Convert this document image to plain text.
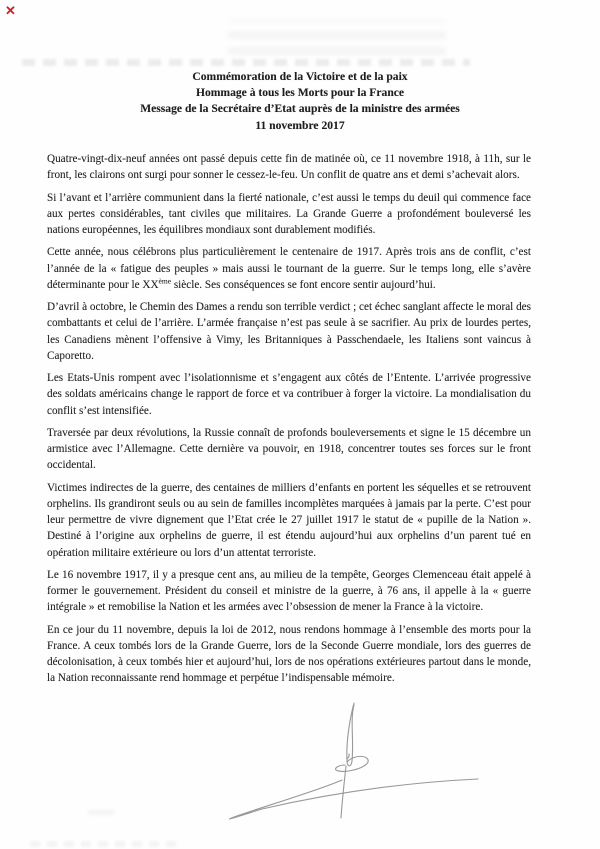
✕
Commémoration de la Victoire et de la paix
Hommage à tous les Morts pour la France
Message de la Secrétaire d’Etat auprès de la ministre des armées
11 novembre 2017

Quatre-vingt-dix-neuf années ont passé depuis cette fin de matinée où, ce 11 novembre 1918, à 11h, sur le front, les clairons ont surgi pour sonner le cessez-le-feu. Un conflit de quatre ans et demi s’achevait alors.

Si l’avant et l’arrière communient dans la fierté nationale, c’est aussi le temps du deuil qui commence face aux pertes considérables, tant civiles que militaires. La Grande Guerre a profondément bouleversé les nations européennes, les équilibres mondiaux sont durablement modifiés.

Cette année, nous célébrons plus particulièrement le centenaire de 1917. Après trois ans de conflit, c’est l’année de la « fatigue des peuples » mais aussi le tournant de la guerre. Sur le temps long, elle s’avère déterminante pour le XXème siècle. Ses conséquences se font encore sentir aujourd’hui.

D’avril à octobre, le Chemin des Dames a rendu son terrible verdict ; cet échec sanglant affecte le moral des combattants et celui de l’arrière. L’armée française n’est pas seule à se sacrifier. Au prix de lourdes pertes, les Canadiens mènent l’offensive à Vimy, les Britanniques à Passchendaele, les Italiens sont vaincus à Caporetto.

Les Etats-Unis rompent avec l’isolationnisme et s’engagent aux côtés de l’Entente. L’arrivée progressive des soldats américains change le rapport de force et va contribuer à forger la victoire. La mondialisation du conflit s’est intensifiée.

Traversée par deux révolutions, la Russie connaît de profonds bouleversements et signe le 15 décembre un armistice avec l’Allemagne. Cette dernière va pouvoir, en 1918, concentrer toutes ses forces sur le front occidental.

Victimes indirectes de la guerre, des centaines de milliers d’enfants en portent les séquelles et se retrouvent orphelins. Ils grandiront seuls ou au sein de familles incomplètes marquées à jamais par la perte. C’est pour leur permettre de vivre dignement que l’Etat crée le 27 juillet 1917 le statut de « pupille de la Nation ». Destiné à l’origine aux orphelins de guerre, il est étendu aujourd’hui aux orphelins d’un parent tué en opération militaire extérieure ou lors d’un attentat terroriste.

Le 16 novembre 1917, il y a presque cent ans, au milieu de la tempête, Georges Clemenceau était appelé à former le gouvernement. Président du conseil et ministre de la guerre, à 76 ans, il appelle à la « guerre intégrale » et remobilise la Nation et les armées avec l’obsession de mener la France à la victoire.

En ce jour du 11 novembre, depuis la loi de 2012, nous rendons hommage à l’ensemble des morts pour la France. A ceux tombés lors de la Grande Guerre, lors de la Seconde Guerre mondiale, lors des guerres de décolonisation, à ceux tombés hier et aujourd’hui, lors de nos opérations extérieures partout dans le monde, la Nation reconnaissante rend hommage et perpétue l’indispensable mémoire.
